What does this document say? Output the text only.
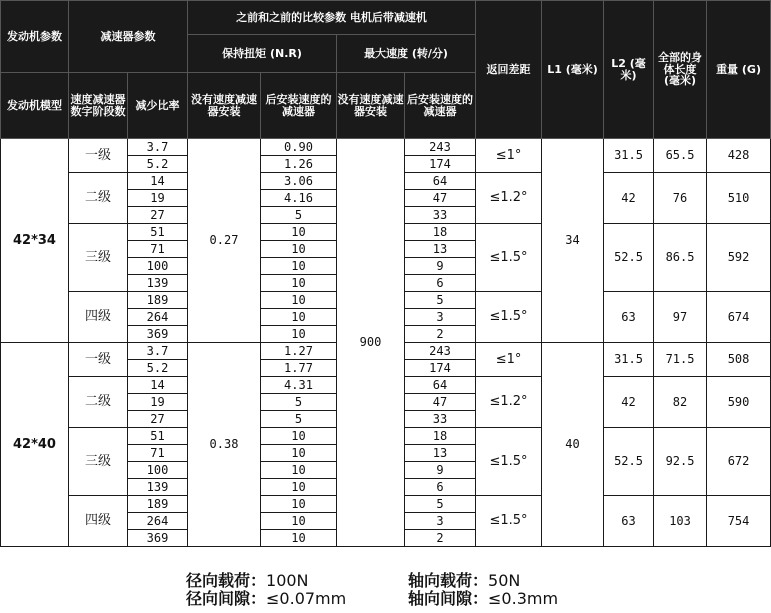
发动机参数	减速器参数		之前和之前的比较参数 电机后带减速机				返回差距	L1 (毫米)	L2 (毫米)	全部的身体长度 (毫米)	重量 (G)
			保持扭矩 (N.R)		最大速度 (转/分)						
发动机模型	速度减速器数字阶段数	减少比率	没有速度减速器安装	后安装速度的减速器	没有速度减速器安装	后安装速度的减速器					
42*34	一级	3.7	0.27	0.90	900	243	≤1°	34	31.5	65.5	428
		5.2		1.26		174					
	二级	14		3.06		64	≤1.2°		42	76	510
		19		4.16		47					
		27		5		33					
	三级	51		10		18	≤1.5°		52.5	86.5	592
		71		10		13					
		100		10		9					
		139		10		6					
	四级	189		10		5	≤1.5°		63	97	674
		264		10		3					
		369		10		2					
42*40	一级	3.7	0.38	1.27		243	≤1°	40	31.5	71.5	508
		5.2		1.77		174					
	二级	14		4.31		64	≤1.2°		42	82	590
		19		5		47					
		27		5		33					
	三级	51		10		18	≤1.5°		52.5	92.5	672
		71		10		13					
		100		10		9					
		139		10		6					
	四级	189		10		5	≤1.5°		63	103	754
		264		10		3					
		369		10		2					
径向载荷：100N	轴向载荷：50N
径向间隙：≤0.07mm	轴向间隙：≤0.3mm
